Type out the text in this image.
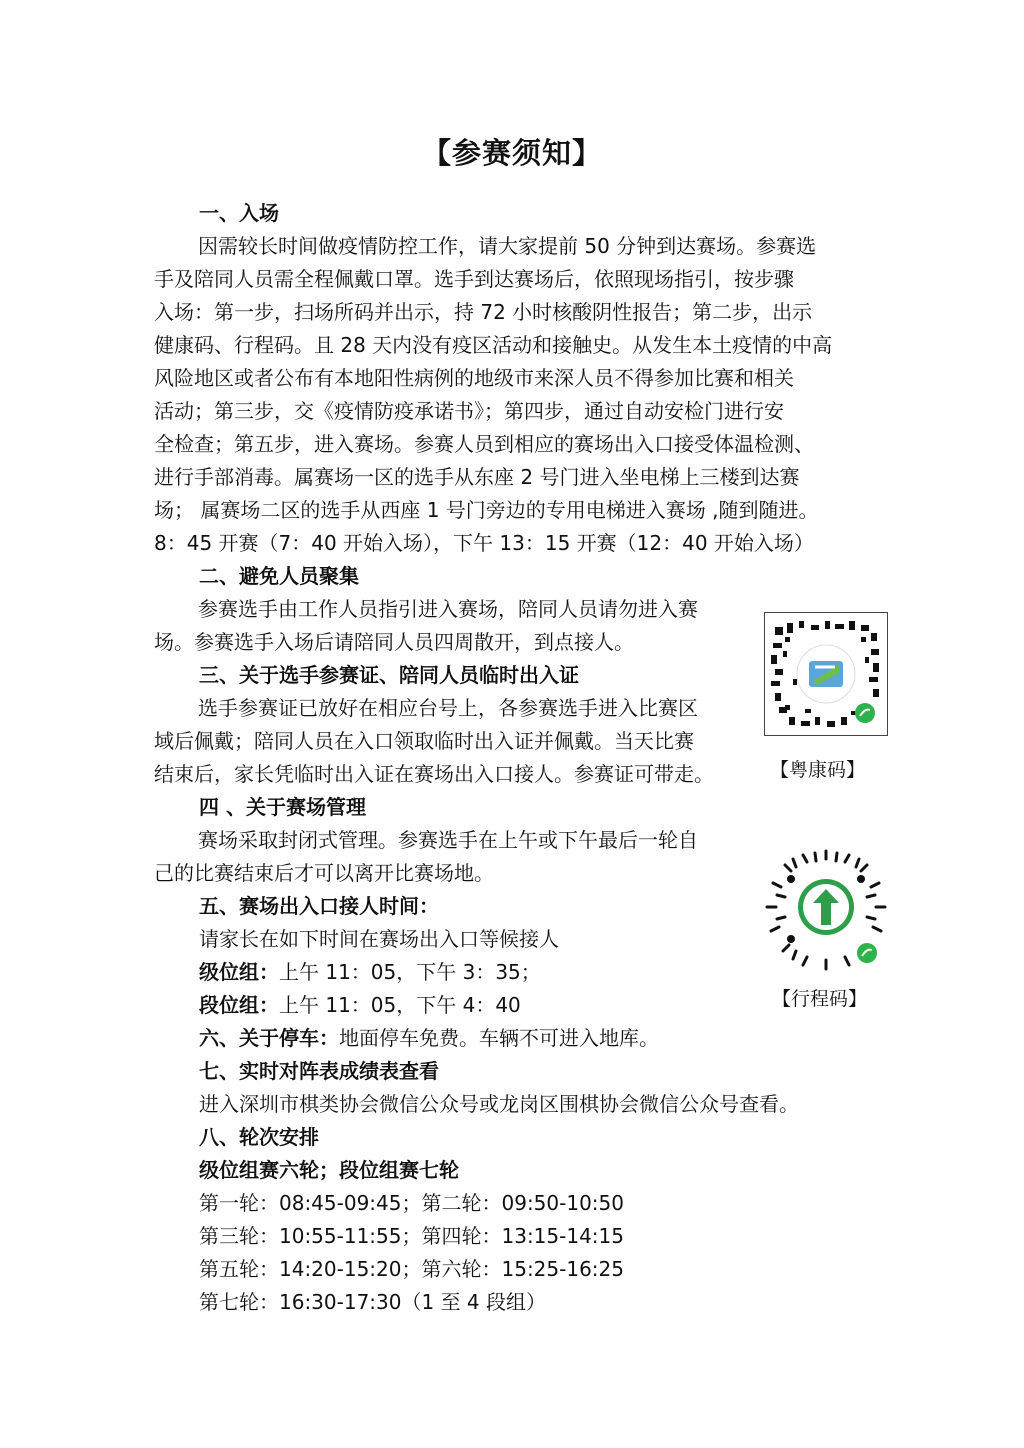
【参赛须知】
一、入场
因需较长时间做疫情防控工作，请大家提前 50 分钟到达赛场。参赛选
手及陪同人员需全程佩戴口罩。选手到达赛场后，依照现场指引，按步骤
入场：第一步，扫场所码并出示，持 72 小时核酸阴性报告；第二步，出示
健康码、行程码。且 28 天内没有疫区活动和接触史。从发生本土疫情的中高
风险地区或者公布有本地阳性病例的地级市来深人员不得参加比赛和相关
活动；第三步，交《疫情防疫承诺书》；第四步，通过自动安检门进行安
全检查；第五步，进入赛场。参赛人员到相应的赛场出入口接受体温检测、
进行手部消毒。属赛场一区的选手从东座 2 号门进入坐电梯上三楼到达赛
场； 属赛场二区的选手从西座 1 号门旁边的专用电梯进入赛场 ,随到随进。
8：45 开赛（7：40 开始入场），下午 13：15 开赛（12：40 开始入场）
二、避免人员聚集
参赛选手由工作人员指引进入赛场，陪同人员请勿进入赛
场。参赛选手入场后请陪同人员四周散开，到点接人。
三、关于选手参赛证、陪同人员临时出入证
选手参赛证已放好在相应台号上，各参赛选手进入比赛区
域后佩戴；陪同人员在入口领取临时出入证并佩戴。当天比赛
结束后，家长凭临时出入证在赛场出入口接人。参赛证可带走。
四 、关于赛场管理
赛场采取封闭式管理。参赛选手在上午或下午最后一轮自
己的比赛结束后才可以离开比赛场地。
五、赛场出入口接人时间：
请家长在如下时间在赛场出入口等候接人
级位组：上午 11：05，下午 3：35；
段位组：上午 11：05，下午 4：40
六、关于停车：地面停车免费。车辆不可进入地库。
七、实时对阵表成绩表查看
进入深圳市棋类协会微信公众号或龙岗区围棋协会微信公众号查看。
八、轮次安排
级位组赛六轮；段位组赛七轮
第一轮：08:45-09:45；第二轮：09:50-10:50
第三轮：10:55-11:55；第四轮：13:15-14:15
第五轮：14:20-15:20；第六轮：15:25-16:25
第七轮：16:30-17:30（1 至 4 段组）
【粤康码】
【行程码】
